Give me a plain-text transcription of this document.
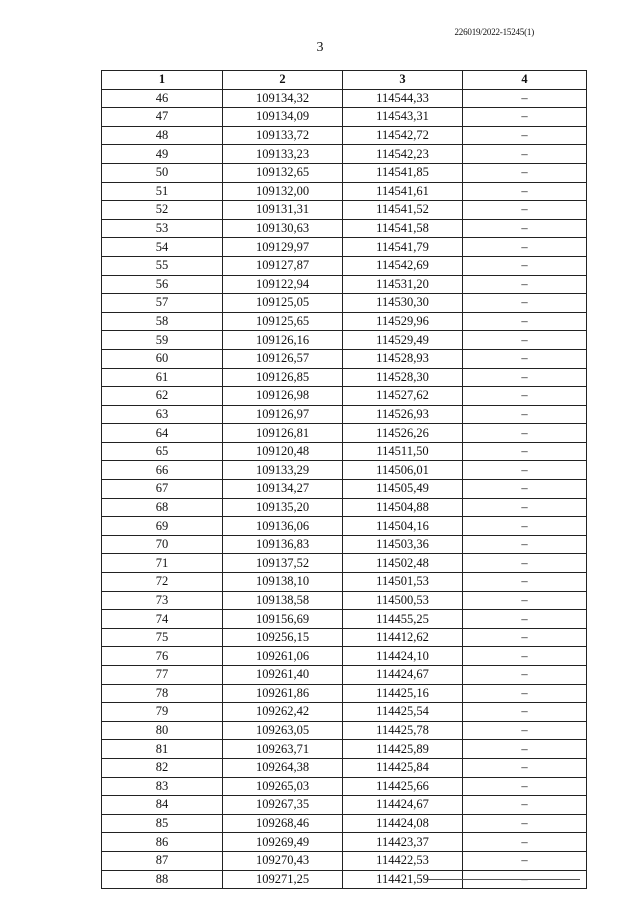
226019/2022-15245(1)
3
1	2	3	4
46	109134,32	114544,33	–
47	109134,09	114543,31	–
48	109133,72	114542,72	–
49	109133,23	114542,23	–
50	109132,65	114541,85	–
51	109132,00	114541,61	–
52	109131,31	114541,52	–
53	109130,63	114541,58	–
54	109129,97	114541,79	–
55	109127,87	114542,69	–
56	109122,94	114531,20	–
57	109125,05	114530,30	–
58	109125,65	114529,96	–
59	109126,16	114529,49	–
60	109126,57	114528,93	–
61	109126,85	114528,30	–
62	109126,98	114527,62	–
63	109126,97	114526,93	–
64	109126,81	114526,26	–
65	109120,48	114511,50	–
66	109133,29	114506,01	–
67	109134,27	114505,49	–
68	109135,20	114504,88	–
69	109136,06	114504,16	–
70	109136,83	114503,36	–
71	109137,52	114502,48	–
72	109138,10	114501,53	–
73	109138,58	114500,53	–
74	109156,69	114455,25	–
75	109256,15	114412,62	–
76	109261,06	114424,10	–
77	109261,40	114424,67	–
78	109261,86	114425,16	–
79	109262,42	114425,54	–
80	109263,05	114425,78	–
81	109263,71	114425,89	–
82	109264,38	114425,84	–
83	109265,03	114425,66	–
84	109267,35	114424,67	–
85	109268,46	114424,08	–
86	109269,49	114423,37	–
87	109270,43	114422,53	–
88	109271,25	114421,59	–
